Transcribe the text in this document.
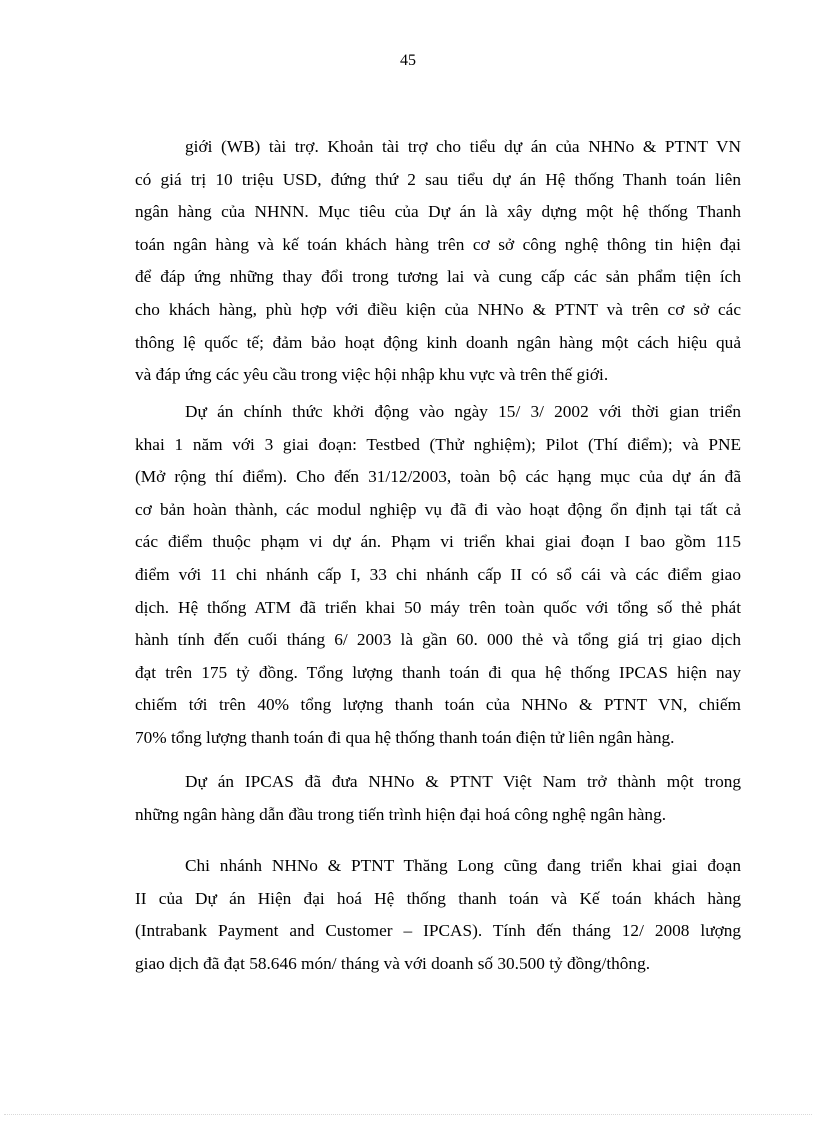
45

giới (WB) tài trợ. Khoản tài trợ cho tiểu dự án của NHNo & PTNT VN
có giá trị 10 triệu USD, đứng thứ 2 sau tiểu dự án Hệ thống Thanh toán liên
ngân hàng của NHNN. Mục tiêu của Dự án là xây dựng một hệ thống Thanh
toán ngân hàng và kế toán khách hàng trên cơ sở công nghệ thông tin hiện đại
để đáp ứng những thay đổi trong tương lai và cung cấp các sản phẩm tiện ích
cho khách hàng, phù hợp với điều kiện của NHNo & PTNT và trên cơ sở các
thông lệ quốc tế; đảm bảo hoạt động kinh doanh ngân hàng một cách hiệu quả
và đáp ứng các yêu cầu trong việc hội nhập khu vực và trên thế giới.

Dự án chính thức khởi động vào ngày 15/ 3/ 2002 với thời gian triển
khai 1 năm với 3 giai đoạn: Testbed (Thử nghiệm); Pilot (Thí điểm); và PNE
(Mở rộng thí điểm). Cho đến 31/12/2003, toàn bộ các hạng mục của dự án đã
cơ bản hoàn thành, các modul nghiệp vụ đã đi vào hoạt động ổn định tại tất cả
các điểm thuộc phạm vi dự án. Phạm vi triển khai giai đoạn I bao gồm 115
điểm với 11 chi nhánh cấp I, 33 chi nhánh cấp II có sổ cái và các điểm giao
dịch. Hệ thống ATM đã triển khai 50 máy trên toàn quốc với tổng số thẻ phát
hành tính đến cuối tháng 6/ 2003 là gần 60. 000 thẻ và tổng giá trị giao dịch
đạt trên 175 tỷ đồng. Tổng lượng thanh toán đi qua hệ thống IPCAS hiện nay
chiếm tới trên 40% tổng lượng thanh toán của NHNo & PTNT VN, chiếm
70% tổng lượng thanh toán đi qua hệ thống thanh toán điện tử liên ngân hàng.

Dự án IPCAS đã đưa NHNo & PTNT Việt Nam trở thành một trong
những ngân hàng dẫn đầu trong tiến trình hiện đại hoá công nghệ ngân hàng.

Chi nhánh NHNo & PTNT Thăng Long cũng đang triển khai giai đoạn
II của Dự án Hiện đại hoá Hệ thống thanh toán và Kế toán khách hàng
(Intrabank Payment and Customer – IPCAS). Tính đến tháng 12/ 2008 lượng
giao dịch đã đạt 58.646 món/ tháng và với doanh số 30.500 tỷ đồng/thông.
